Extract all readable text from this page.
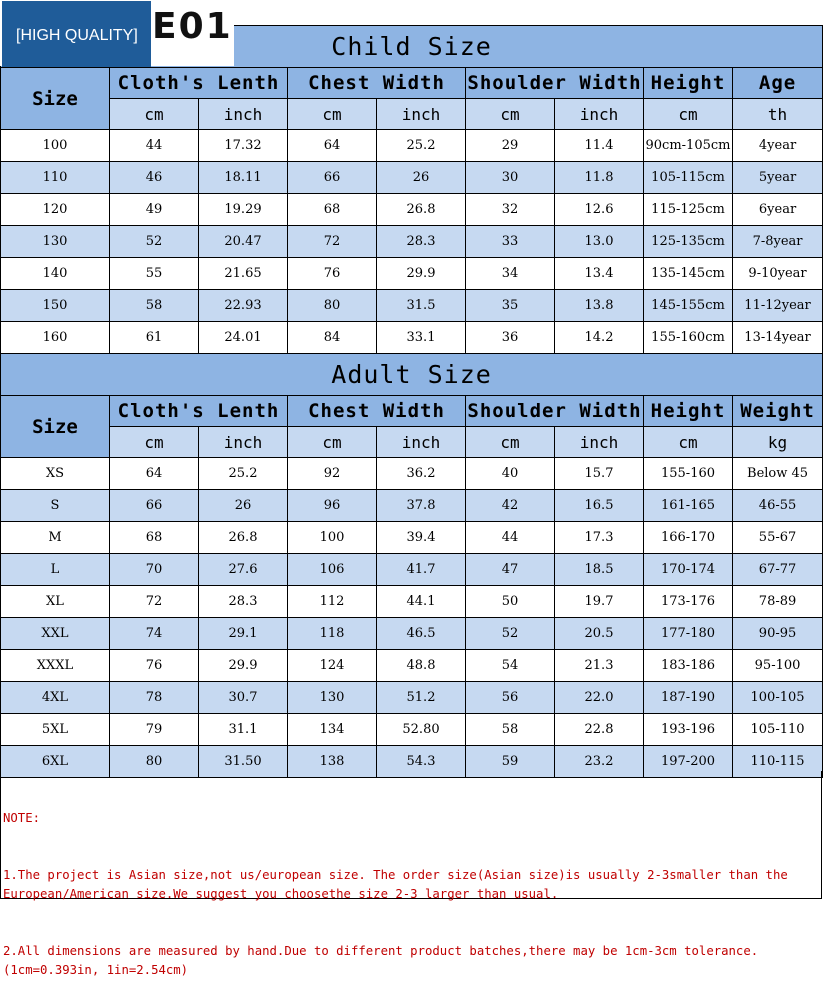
[HIGH QUALITY] E01	Child Size								
Size	Cloth's Lenth		Chest Width		Shoulder Width		Height	Age
	cm	inch	cm	inch	cm	inch	cm	th
100	44	17.32	64	25.2	29	11.4	90cm-105cm	4year
110	46	18.11	66	26	30	11.8	105-115cm	5year
120	49	19.29	68	26.8	32	12.6	115-125cm	6year
130	52	20.47	72	28.3	33	13.0	125-135cm	7-8year
140	55	21.65	76	29.9	34	13.4	135-145cm	9-10year
150	58	22.93	80	31.5	35	13.8	145-155cm	11-12year
160	61	24.01	84	33.1	36	14.2	155-160cm	13-14year
Adult Size								
Size	Cloth's Lenth		Chest Width		Shoulder Width		Height	Weight
	cm	inch	cm	inch	cm	inch	cm	kg
XS	64	25.2	92	36.2	40	15.7	155-160	Below 45
S	66	26	96	37.8	42	16.5	161-165	46-55
M	68	26.8	100	39.4	44	17.3	166-170	55-67
L	70	27.6	106	41.7	47	18.5	170-174	67-77
XL	72	28.3	112	44.1	50	19.7	173-176	78-89
XXL	74	29.1	118	46.5	52	20.5	177-180	90-95
XXXL	76	29.9	124	48.8	54	21.3	183-186	95-100
4XL	78	30.7	130	51.2	56	22.0	187-190	100-105
5XL	79	31.1	134	52.80	58	22.8	193-196	105-110
6XL	80	31.50	138	54.3	59	23.2	197-200	110-115

NOTE:

1.The project is Asian size,not us/european size. The order size(Asian size)is usually 2-3smaller than the European/American size.We suggest you choosethe size 2-3 larger than usual.

2.All dimensions are measured by hand.Due to different product batches,there may be 1cm-3cm tolerance.(1cm=0.393in, 1in=2.54cm)
